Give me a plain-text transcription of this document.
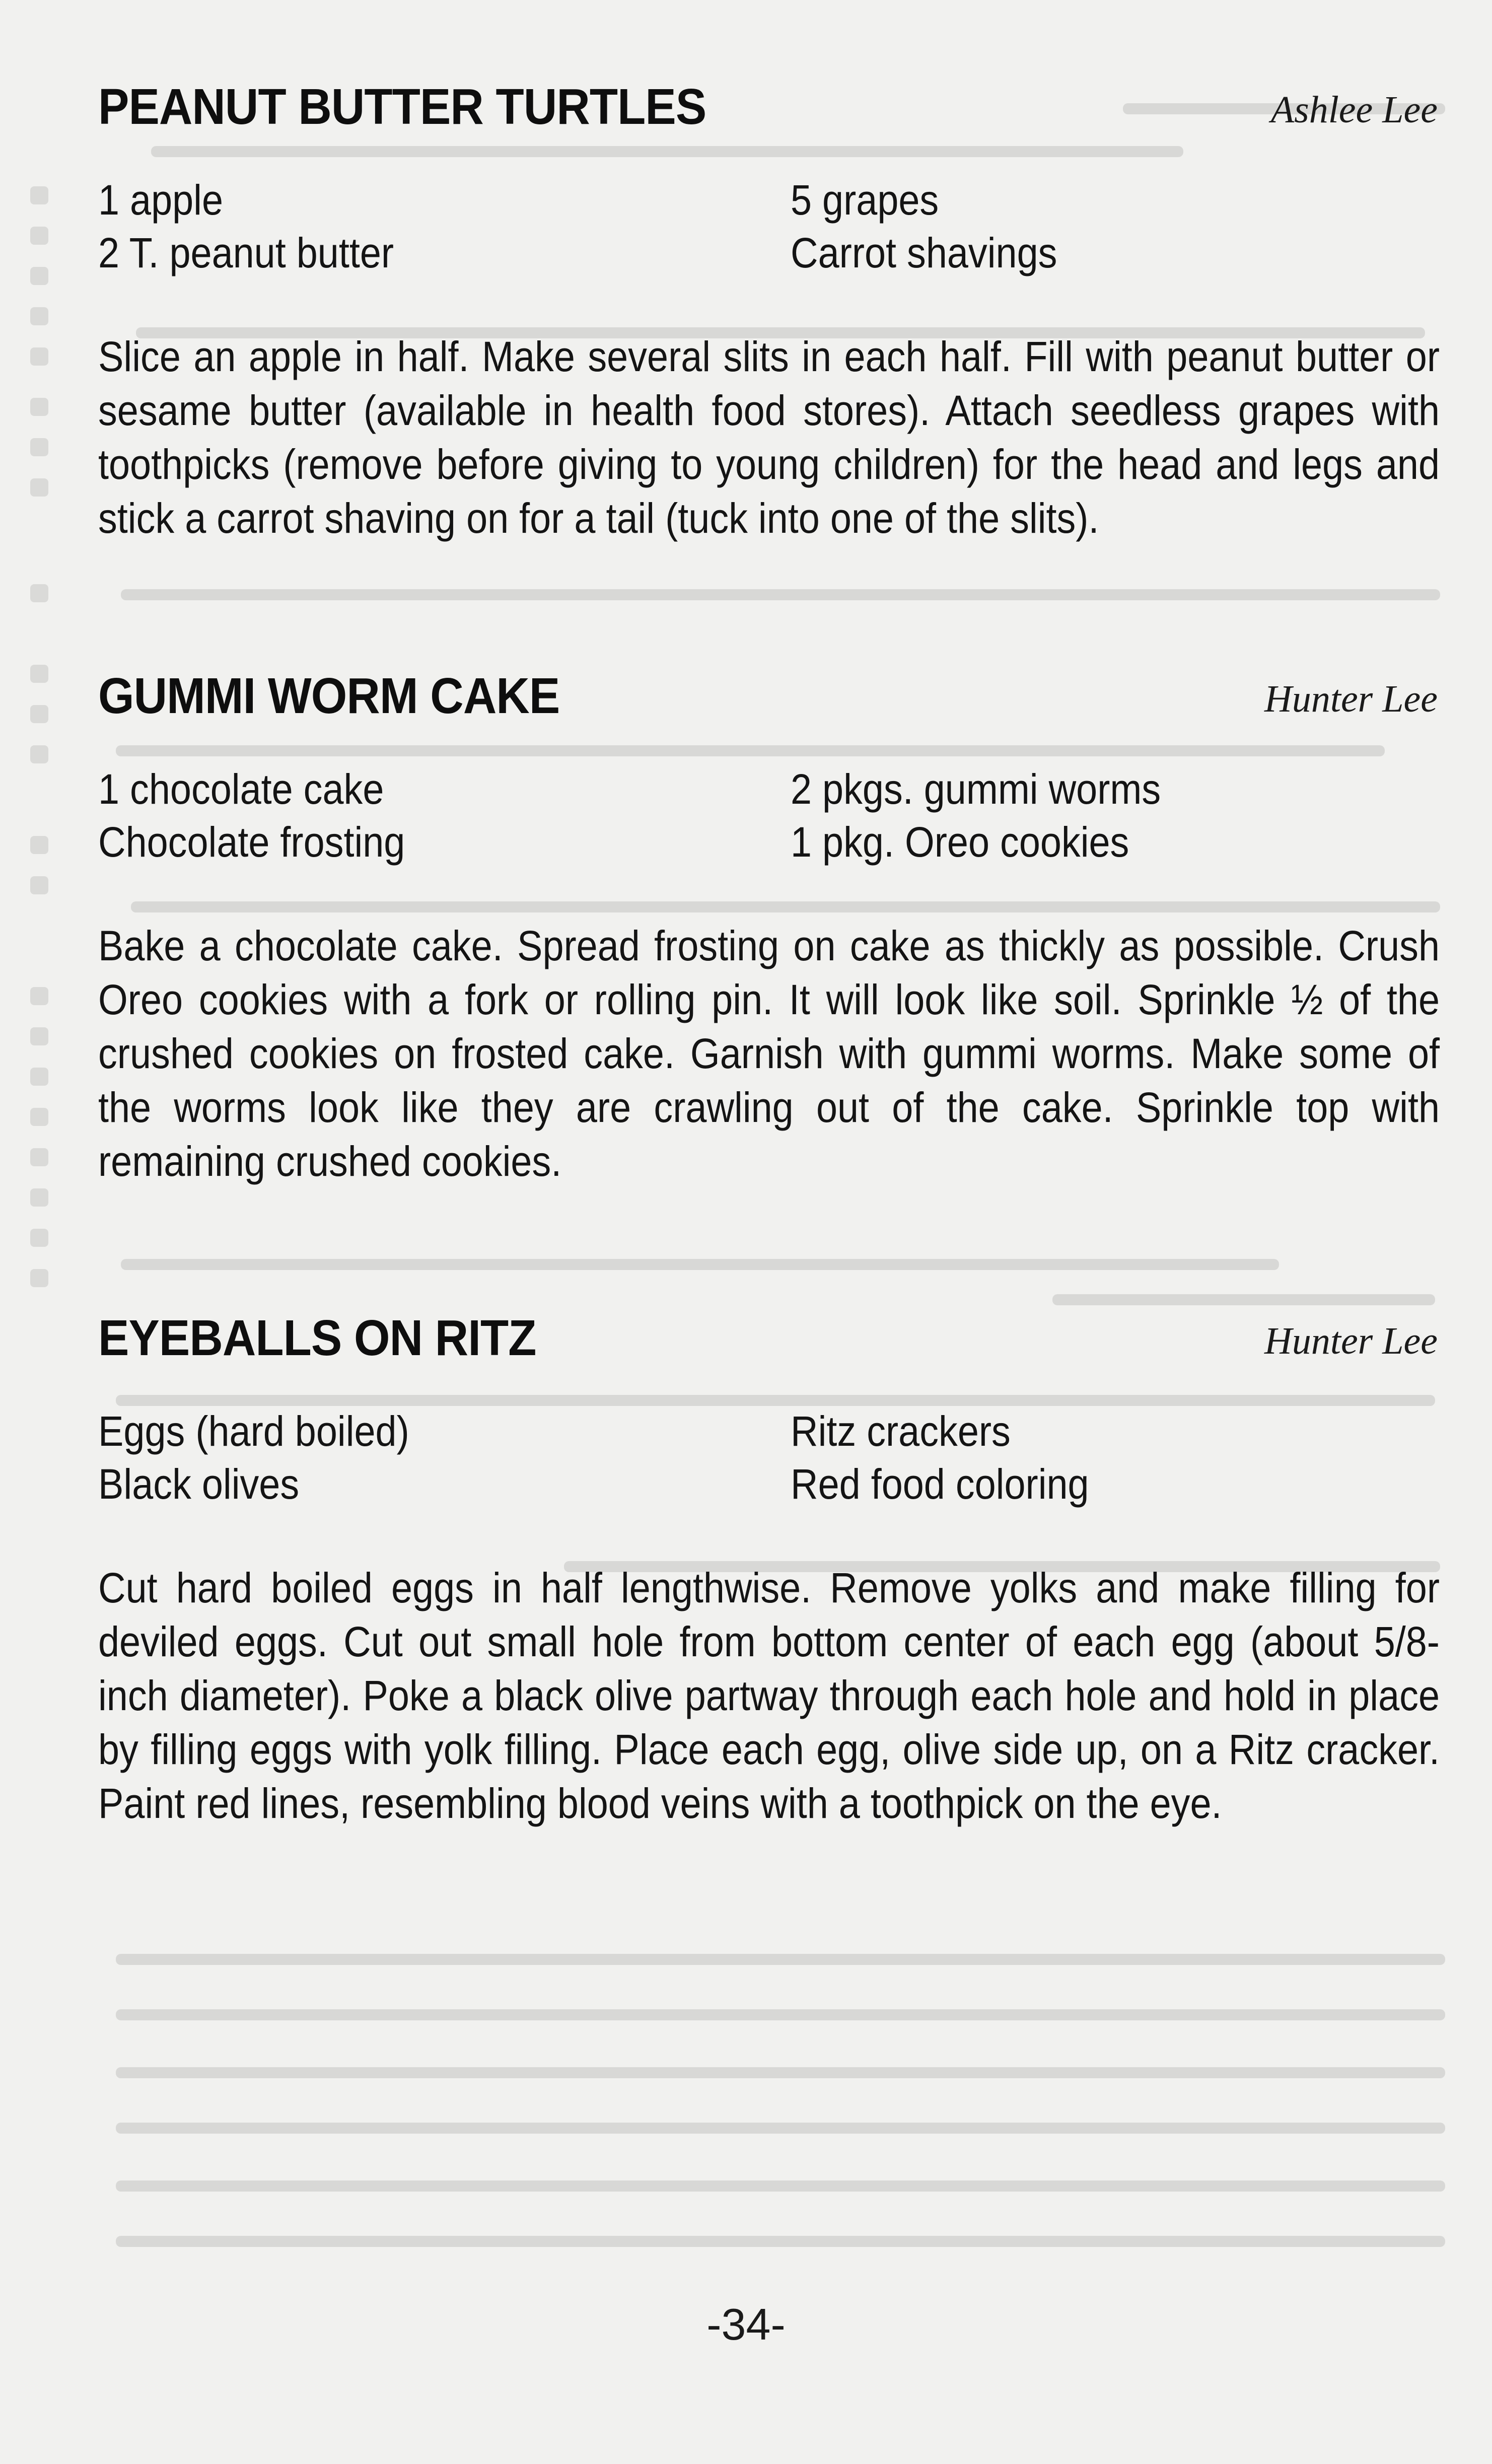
PEANUT BUTTER TURTLES	Ashlee Lee
1 apple	5 grapes
2 T. peanut butter	Carrot shavings
Slice an apple in half. Make several slits in each half. Fill with peanut butter or sesame butter (available in health food stores). Attach seedless grapes with toothpicks (remove before giving to young children) for the head and legs and stick a carrot shaving on for a tail (tuck into one of the slits).
GUMMI WORM CAKE	Hunter Lee
1 chocolate cake	2 pkgs. gummi worms
Chocolate frosting	1 pkg. Oreo cookies
Bake a chocolate cake. Spread frosting on cake as thickly as possible. Crush Oreo cookies with a fork or rolling pin. It will look like soil. Sprinkle ½ of the crushed cookies on frosted cake. Garnish with gummi worms. Make some of the worms look like they are crawling out of the cake. Sprinkle top with remaining crushed cookies.
EYEBALLS ON RITZ	Hunter Lee
Eggs (hard boiled)	Ritz crackers
Black olives	Red food coloring
Cut hard boiled eggs in half lengthwise. Remove yolks and make filling for deviled eggs. Cut out small hole from bottom center of each egg (about 5/8-inch diameter). Poke a black olive partway through each hole and hold in place by filling eggs with yolk filling. Place each egg, olive side up, on a Ritz cracker. Paint red lines, resembling blood veins with a toothpick on the eye.
-34-
